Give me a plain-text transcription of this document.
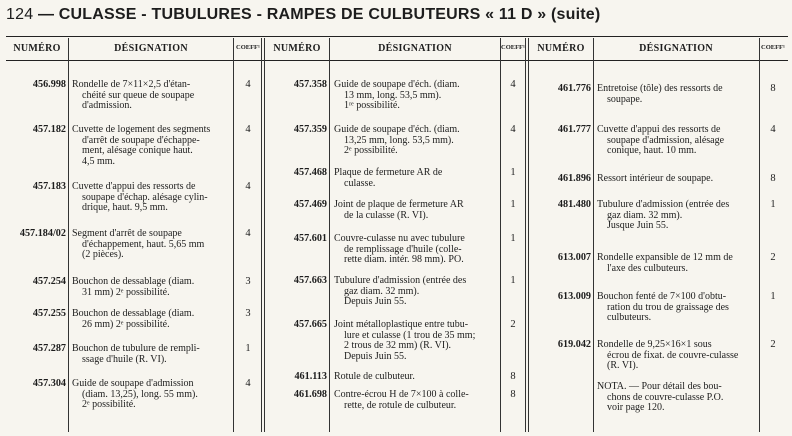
124 — CULASSE - TUBULURES - RAMPES DE CULBUTEURS « 11 D » (suite)
NUMÉRO	DÉSIGNATION	COEFF¹	NUMÉRO	DÉSIGNATION	COEFF¹	NUMÉRO	DÉSIGNATION	COEFF¹
456.998 Rondelle de 7×11×2,5 d'étan-
chéité sur queue de soupape
d'admission.
4
457.182 Cuvette de logement des segments
d'arrêt de soupape d'échappe-
ment, alésage conique haut.
4,5 mm.
4
457.183 Cuvette d'appui des ressorts de
soupape d'échap. alésage cylin-
drique, haut. 9,5 mm.
4
457.184/02 Segment d'arrêt de soupape
d'échappement, haut. 5,65 mm
(2 pièces).
4
457.254 Bouchon de dessablage (diam.
31 mm) 2ᵉ possibilité.
3
457.255 Bouchon de dessablage (diam.
26 mm) 2ᵉ possibilité.
3
457.287 Bouchon de tubulure de rempli-
ssage d'huile (R. VI).
1
457.304 Guide de soupape d'admission
(diam. 13,25), long. 55 mm).
2ᵉ possibilité.
4
457.358 Guide de soupape d'éch. (diam.
13 mm, long. 53,5 mm).
1ʳᵉ possibilité.
4
457.359 Guide de soupape d'éch. (diam.
13,25 mm, long. 53,5 mm).
2ᵉ possibilité.
4
457.468 Plaque de fermeture AR de
culasse.
1
457.469 Joint de plaque de fermeture AR
de la culasse (R. VI).
1
457.601 Couvre-culasse nu avec tubulure
de remplissage d'huile (colle-
rette diam. intér. 98 mm). PO.
1
457.663 Tubulure d'admission (entrée des
gaz diam. 32 mm).
Depuis Juin 55.
1
457.665 Joint métalloplastique entre tubu-
lure et culasse (1 trou de 35 mm;
2 trous de 32 mm) (R. VI).
Depuis Juin 55.
2
461.113 Rotule de culbuteur.	8
461.698 Contre-écrou H de 7×100 à colle-
rette, de rotule de culbuteur.
8
461.776 Entretoise (tôle) des ressorts de
soupape.
8
461.777 Cuvette d'appui des ressorts de
soupape d'admission, alésage
conique, haut. 10 mm.
4
461.896 Ressort intérieur de soupape.	8
481.480 Tubulure d'admission (entrée des
gaz diam. 32 mm).
Jusque Juin 55.
1
613.007 Rondelle expansible de 12 mm de
l'axe des culbuteurs.
2
613.009 Bouchon fenté de 7×100 d'obtu-
ration du trou de graissage des
culbuteurs.
1
619.042 Rondelle de 9,25×16×1 sous
écrou de fixat. de couvre-culasse
(R. VI).
2
NOTA. — Pour détail des bou-
chons de couvre-culasse P.O.
voir page 120.
